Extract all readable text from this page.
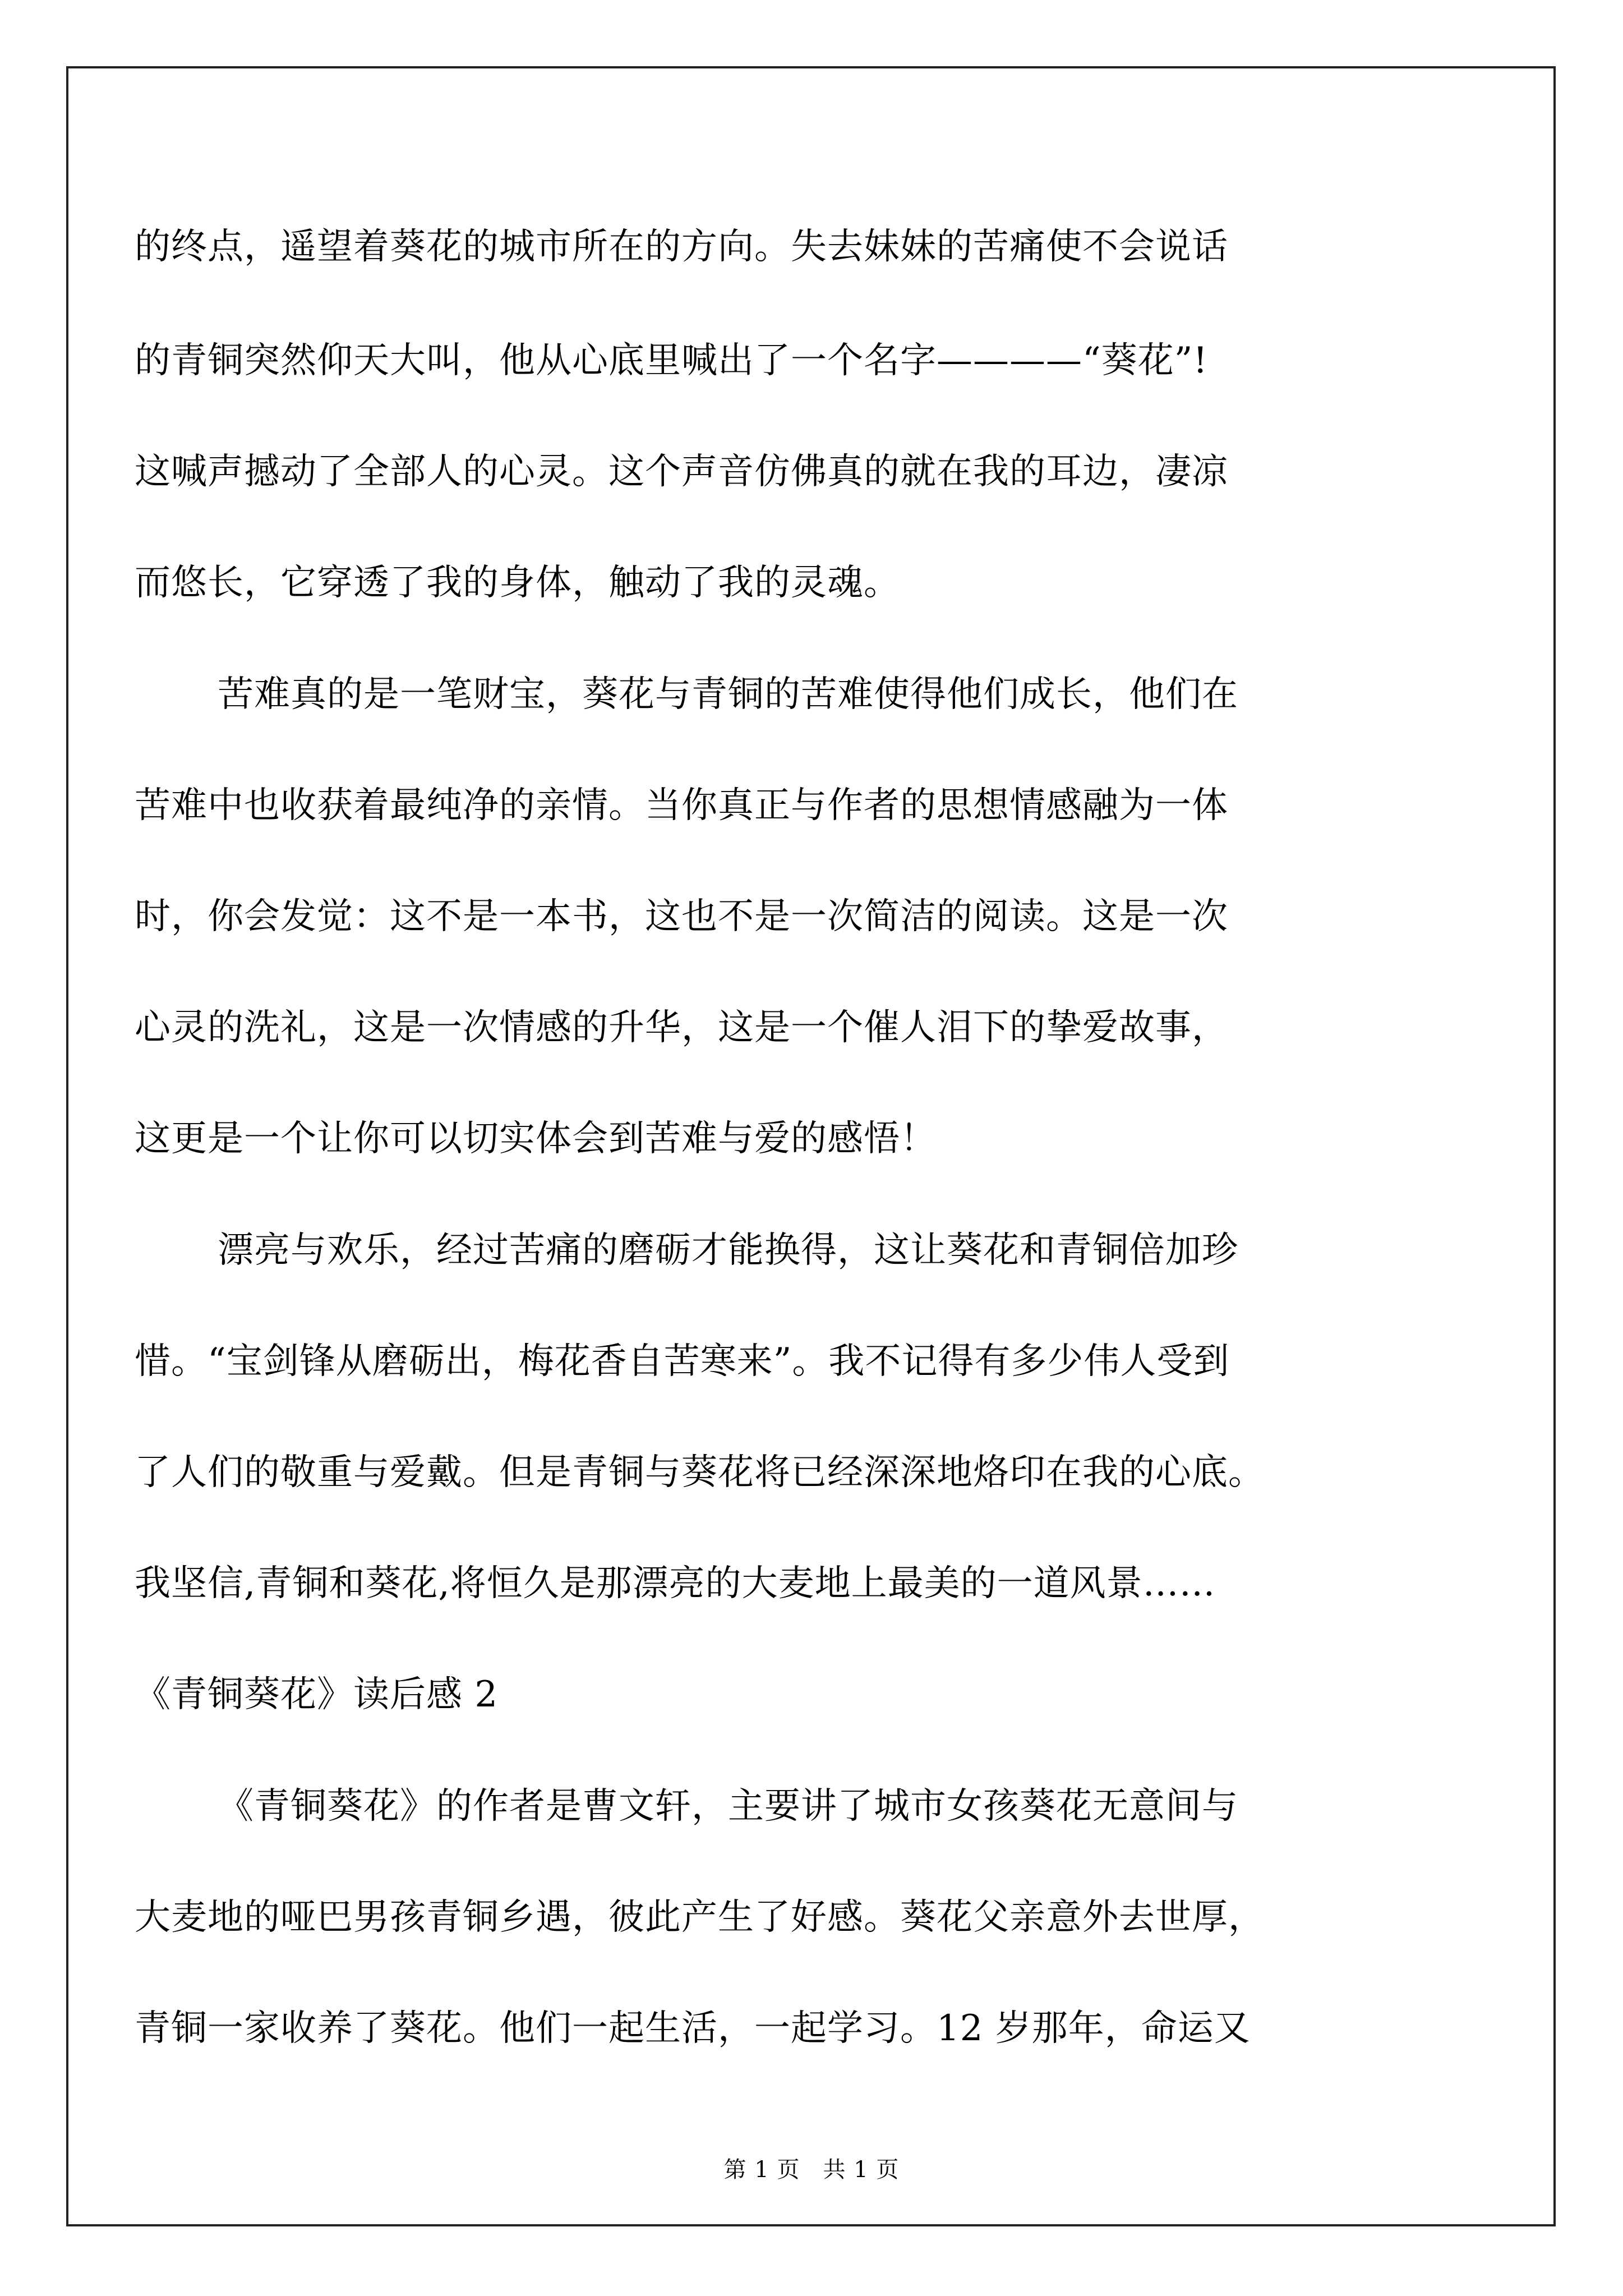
的终点，遥望着葵花的城市所在的方向。失去妹妹的苦痛使不会说话
的青铜突然仰天大叫，他从心底里喊出了一个名字————“葵花”!
这喊声撼动了全部人的心灵。这个声音仿佛真的就在我的耳边，凄凉
而悠长，它穿透了我的身体，触动了我的灵魂。
苦难真的是一笔财宝，葵花与青铜的苦难使得他们成长，他们在
苦难中也收获着最纯净的亲情。当你真正与作者的思想情感融为一体
时，你会发觉：这不是一本书，这也不是一次简洁的阅读。这是一次
心灵的洗礼，这是一次情感的升华，这是一个催人泪下的挚爱故事，
这更是一个让你可以切实体会到苦难与爱的感悟！
漂亮与欢乐，经过苦痛的磨砺才能换得，这让葵花和青铜倍加珍
惜。“宝剑锋从磨砺出，梅花香自苦寒来”。我不记得有多少伟人受到
了人们的敬重与爱戴。但是青铜与葵花将已经深深地烙印在我的心底。
我坚信,青铜和葵花,将恒久是那漂亮的大麦地上最美的一道风景……
《青铜葵花》读后感 2
《青铜葵花》的作者是曹文轩，主要讲了城市女孩葵花无意间与
大麦地的哑巴男孩青铜乡遇，彼此产生了好感。葵花父亲意外去世厚，
青铜一家收养了葵花。他们一起生活，一起学习。12 岁那年，命运又
第 1 页　共 1 页
